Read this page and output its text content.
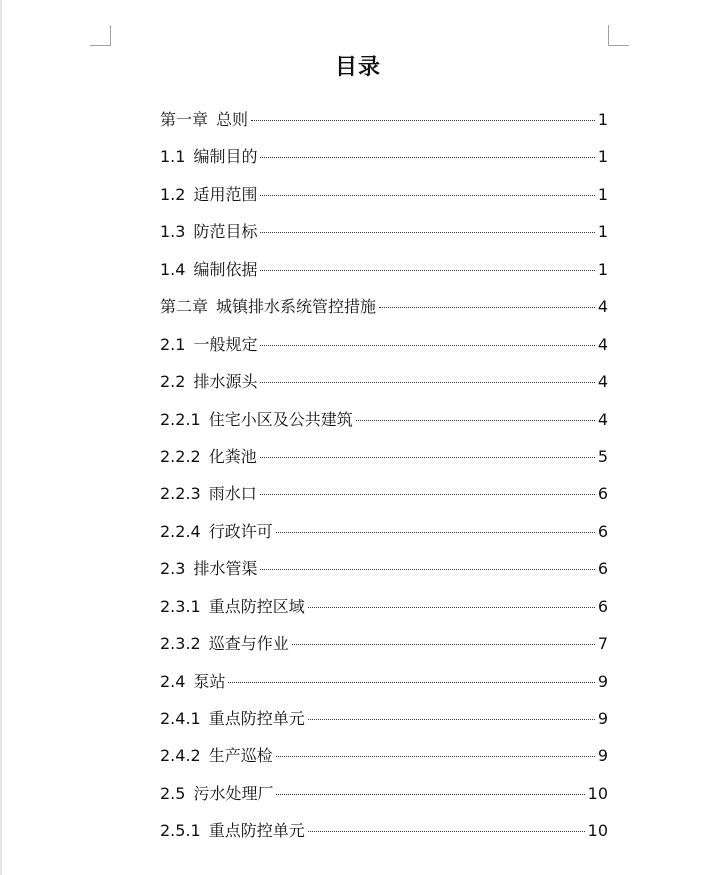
目录
第一章 总则	1
1.1 编制目的	1
1.2 适用范围	1
1.3 防范目标	1
1.4 编制依据	1
第二章 城镇排水系统管控措施	4
2.1 一般规定	4
2.2 排水源头	4
2.2.1 住宅小区及公共建筑	4
2.2.2 化粪池	5
2.2.3 雨水口	6
2.2.4 行政许可	6
2.3 排水管渠	6
2.3.1 重点防控区域	6
2.3.2 巡查与作业	7
2.4 泵站	9
2.4.1 重点防控单元	9
2.4.2 生产巡检	9
2.5 污水处理厂	10
2.5.1 重点防控单元	10
